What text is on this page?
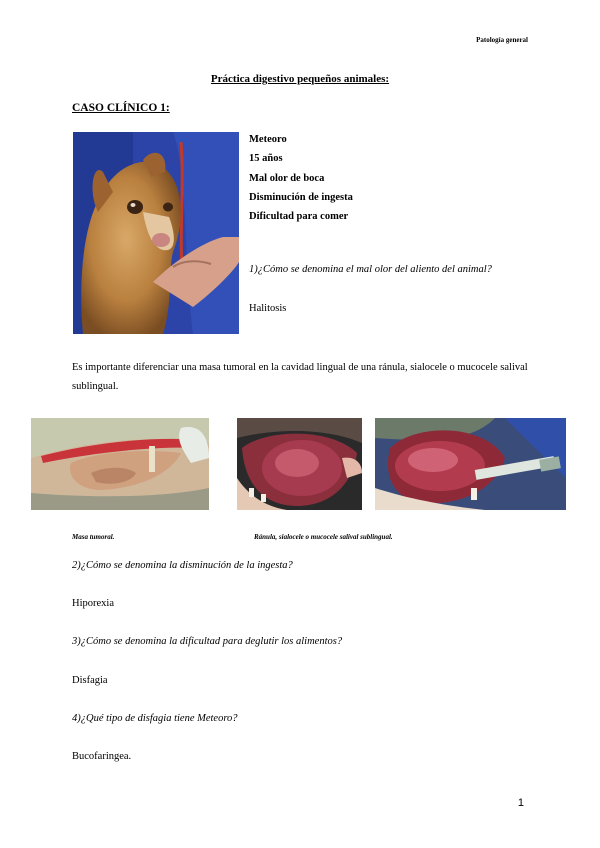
Patología general
Práctica digestivo pequeños animales:
CASO CLÍNICO 1:
Meteoro
15 años
Mal olor de boca
Disminución de ingesta
Dificultad para comer
1)¿Cómo se denomina el mal olor del aliento del animal?
Halitosis
Es importante diferenciar una masa tumoral en la cavidad lingual de una ránula, sialocele o mucocele salival sublingual.
Masa tumoral.	Ránula, sialocele o mucocele salival sublingual.
2)¿Cómo se denomina la disminución de la ingesta?
Hiporexia
3)¿Cómo se denomina la dificultad para deglutir los alimentos?
Disfagia
4)¿Qué tipo de disfagia tiene Meteoro?
Bucofaringea.
1
